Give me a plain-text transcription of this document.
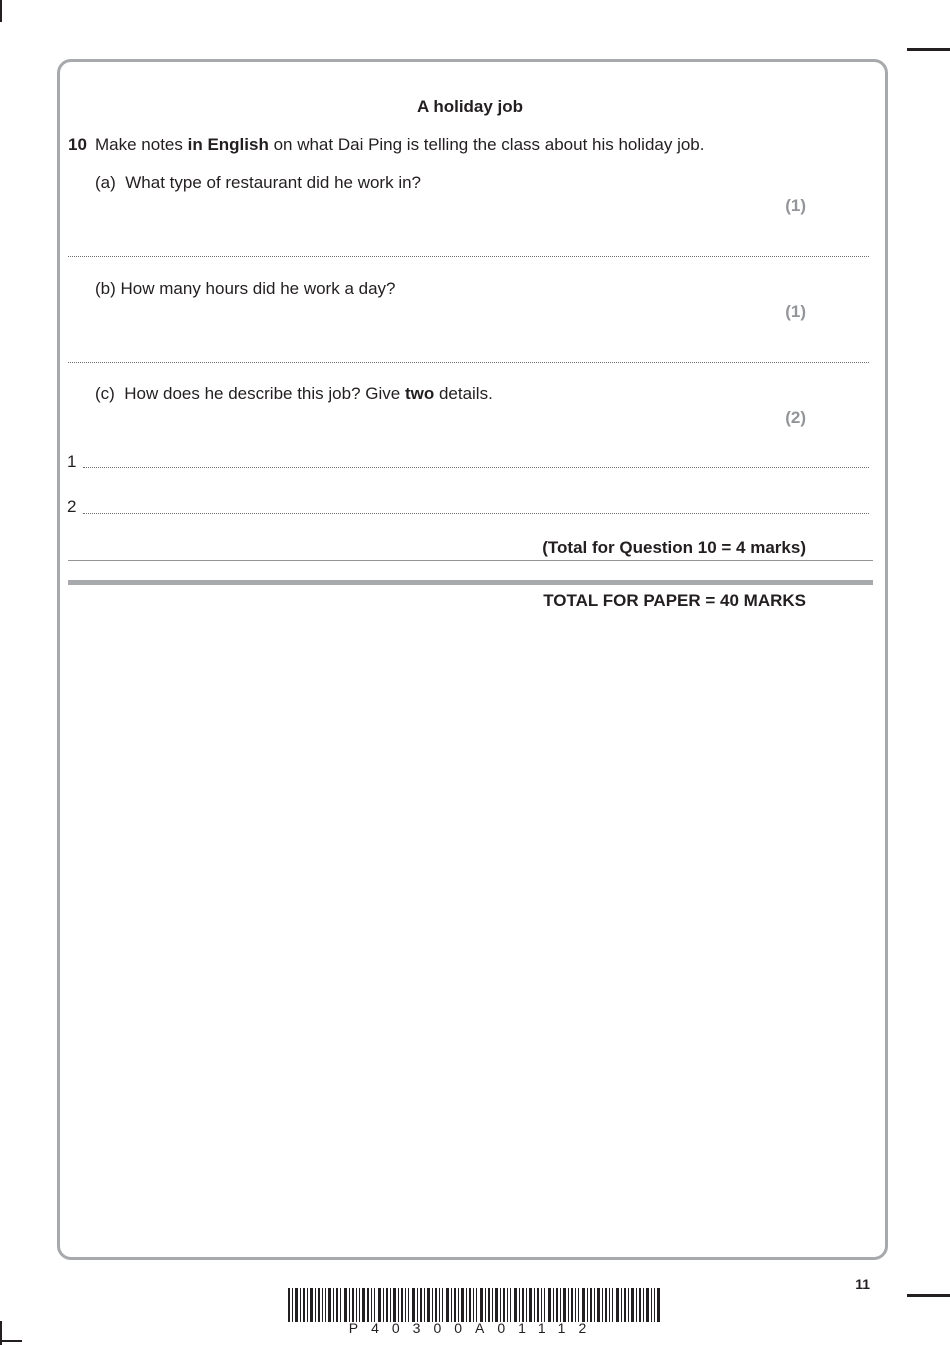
A holiday job
10 Make notes in English on what Dai Ping is telling the class about his holiday job.
(a) What type of restaurant did he work in?
(1)
(b) How many hours did he work a day?
(1)
(c) How does he describe this job? Give two details.
(2)
1
2
(Total for Question 10 = 4 marks)
TOTAL FOR PAPER = 40 MARKS
11
P40300A01112
